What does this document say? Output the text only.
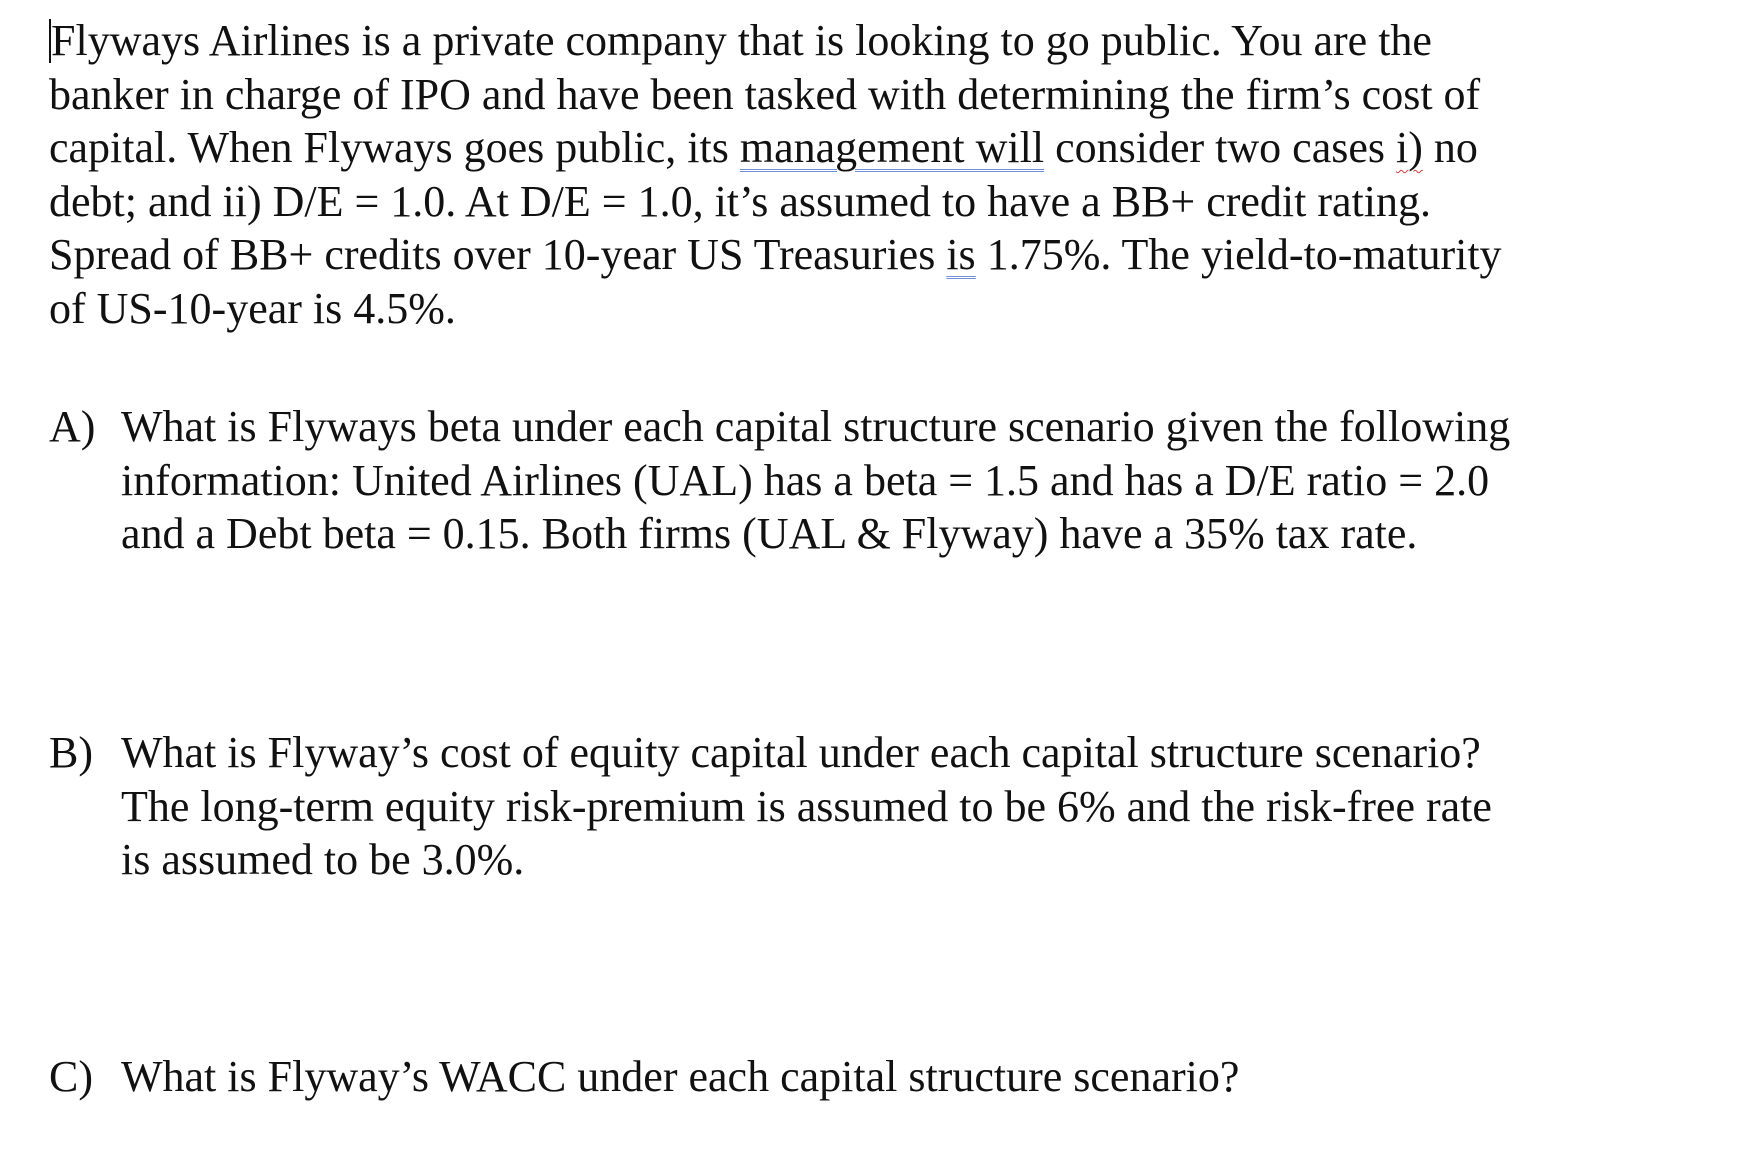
Flyways Airlines is a private company that is looking to go public. You are the
banker in charge of IPO and have been tasked with determining the firm’s cost of
capital. When Flyways goes public, its management will consider two cases i) no
debt; and ii) D/E = 1.0. At D/E = 1.0, it’s assumed to have a BB+ credit rating.
Spread of BB+ credits over 10-year US Treasuries is 1.75%. The yield-to-maturity
of US-10-year is 4.5%.

A) What is Flyways beta under each capital structure scenario given the following
information: United Airlines (UAL) has a beta = 1.5 and has a D/E ratio = 2.0
and a Debt beta = 0.15. Both firms (UAL & Flyway) have a 35% tax rate.
B) What is Flyway’s cost of equity capital under each capital structure scenario?
The long-term equity risk-premium is assumed to be 6% and the risk-free rate
is assumed to be 3.0%.
C) What is Flyway’s WACC under each capital structure scenario?
